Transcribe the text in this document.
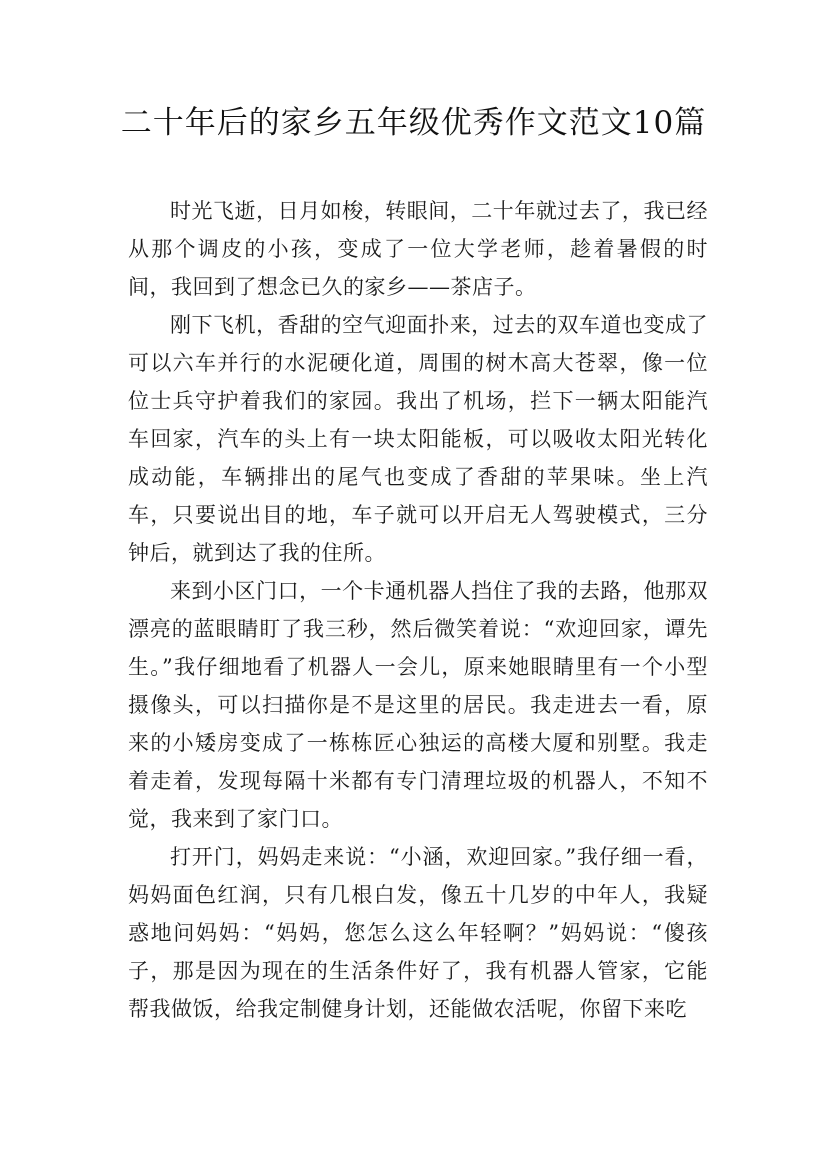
二十年后的家乡五年级优秀作文范文10篇

时光飞逝，日月如梭，转眼间，二十年就过去了，我已经从那个调皮的小孩，变成了一位大学老师，趁着暑假的时间，我回到了想念已久的家乡——茶店子。

刚下飞机，香甜的空气迎面扑来，过去的双车道也变成了可以六车并行的水泥硬化道，周围的树木高大苍翠，像一位位士兵守护着我们的家园。我出了机场，拦下一辆太阳能汽车回家，汽车的头上有一块太阳能板，可以吸收太阳光转化成动能，车辆排出的尾气也变成了香甜的苹果味。坐上汽车，只要说出目的地，车子就可以开启无人驾驶模式，三分钟后，就到达了我的住所。

来到小区门口，一个卡通机器人挡住了我的去路，他那双漂亮的蓝眼睛盯了我三秒，然后微笑着说：“欢迎回家，谭先生。”我仔细地看了机器人一会儿，原来她眼睛里有一个小型摄像头，可以扫描你是不是这里的居民。我走进去一看，原来的小矮房变成了一栋栋匠心独运的高楼大厦和别墅。我走着走着，发现每隔十米都有专门清理垃圾的机器人，不知不觉，我来到了家门口。

打开门，妈妈走来说：“小涵，欢迎回家。”我仔细一看，妈妈面色红润，只有几根白发，像五十几岁的中年人，我疑惑地问妈妈：“妈妈，您怎么这么年轻啊？”妈妈说：“傻孩子，那是因为现在的生活条件好了，我有机器人管家，它能帮我做饭，给我定制健身计划，还能做农活呢，你留下来吃
